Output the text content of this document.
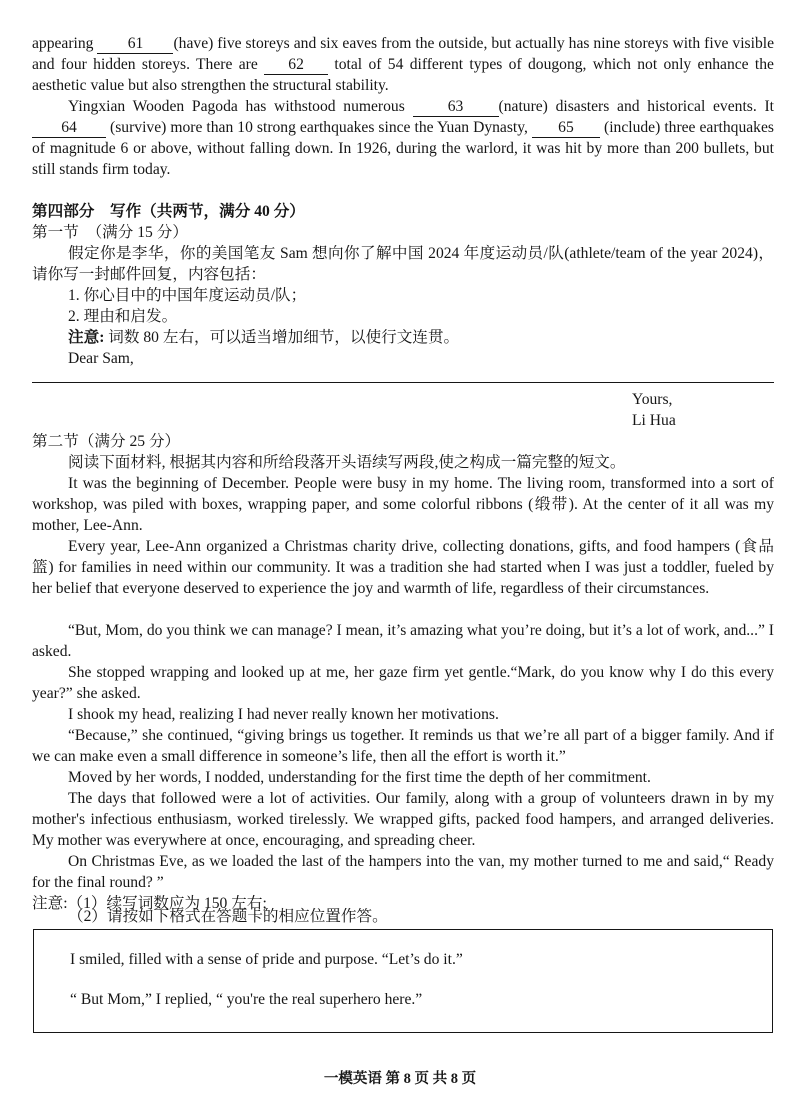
appearing 61 (have) five storeys and six eaves from the outside, but actually has nine storeys with five visible and four hidden storeys. There are 62 total of 54 different types of dougong, which not only enhance the aesthetic value but also strengthen the structural stability.
Yingxian Wooden Pagoda has withstood numerous	63 (nature) disasters and historical events. It 64 (survive) more than 10 strong earthquakes since the Yuan Dynasty, 65 (include) three earthquakes of magnitude 6 or above, without falling down. In 1926, during the warlord, it was hit by more than 200 bullets, but still stands firm today.
第四部分　写作（共两节，满分 40 分）
第一节　（满分 15 分）
假定你是李华，你的美国笔友 Sam 想向你了解中国 2024 年度运动员/队(athlete/team of the year 2024)，请你写一封邮件回复，内容包括：
1. 你心目中的中国年度运动员/队；
2. 理由和启发。
注意: 词数 80 左右，可以适当增加细节，以使行文连贯。
Dear Sam,
Yours,
Li Hua
第二节（满分 25 分）
阅读下面材料, 根据其内容和所给段落开头语续写两段,使之构成一篇完整的短文。
It was the beginning of December. People were busy in my home. The living room, transformed into a sort of workshop, was piled with boxes, wrapping paper, and some colorful ribbons (缎带). At the center of it all was my mother, Lee-Ann.
Every year, Lee-Ann organized a Christmas charity drive, collecting donations, gifts, and food hampers (食品篮) for families in need within our community. It was a tradition she had started when I was just a toddler, fueled by her belief that everyone deserved to experience the joy and warmth of life, regardless of their circumstances.
“But, Mom, do you think we can manage? I mean, it’s amazing what you’re doing, but it’s a lot of work, and...” I asked.
She stopped wrapping and looked up at me, her gaze firm yet gentle.“Mark, do you know why I do this every year?” she asked.
I shook my head, realizing I had never really known her motivations.
“Because,” she continued, “giving brings us together. It reminds us that we’re all part of a bigger family. And if we can make even a small difference in someone’s life, then all the effort is worth it.”
Moved by her words, I nodded, understanding for the first time the depth of her commitment.
The days that followed were a lot of activities. Our family, along with a group of volunteers drawn in by my mother's infectious enthusiasm, worked tirelessly. We wrapped gifts, packed food hampers, and arranged deliveries. My mother was everywhere at once, encouraging, and spreading cheer.
On Christmas Eve, as we loaded the last of the hampers into the van, my mother turned to me and said,“ Ready for the final round? ”
注意:（1）续写词数应为 150 左右;
（2）请按如下格式在答题卡的相应位置作答。
I smiled, filled with a sense of pride and purpose. “Let’s do it.”
“ But Mom,” I replied, “ you're the real superhero here.”
一模英语 第 8 页 共 8 页
